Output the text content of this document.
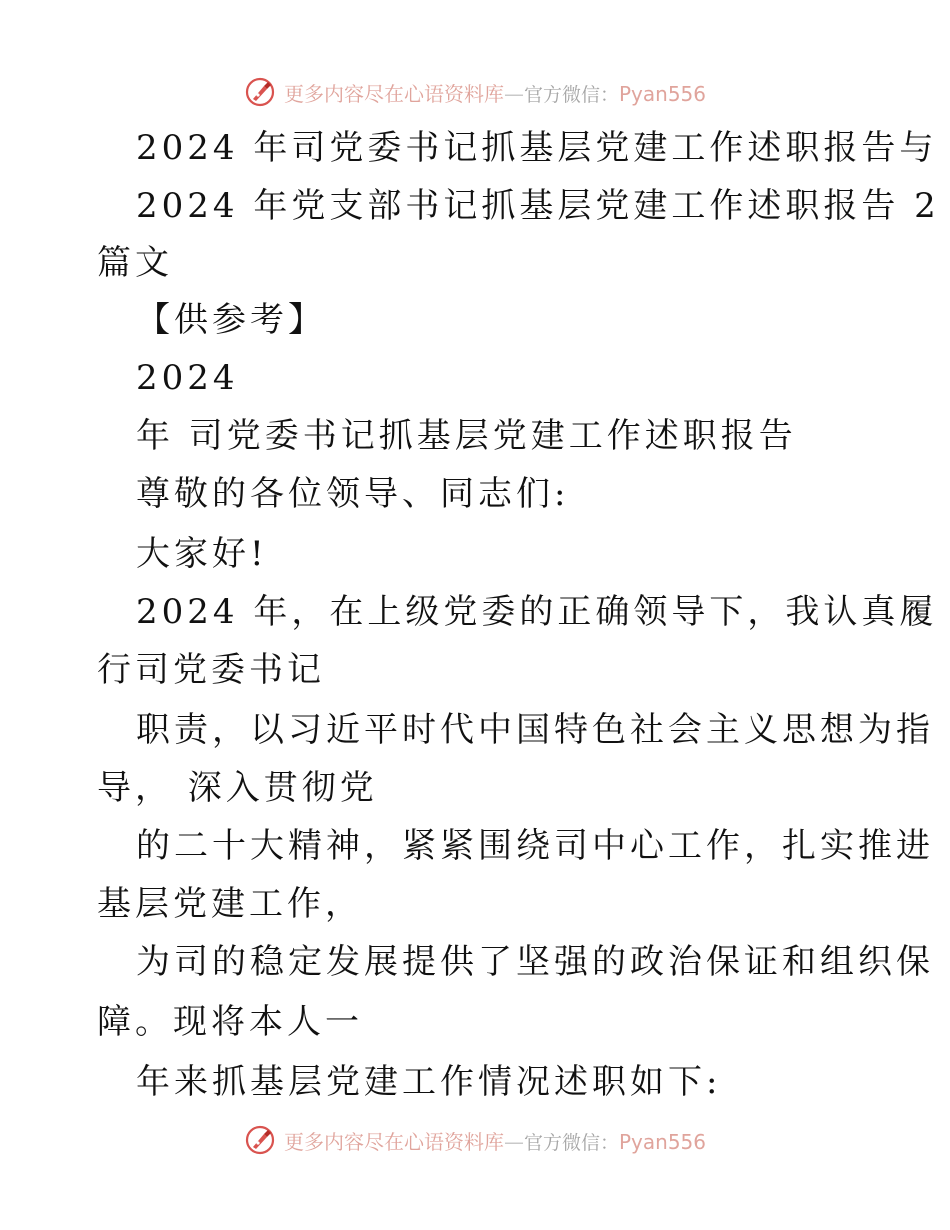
更多内容尽在心语资料库—官方微信：Pyan556
2024 年司党委书记抓基层党建工作述职报告与
2024 年党支部书记抓基层党建工作述职报告 2
篇文
【供参考】
2024
年 司党委书记抓基层党建工作述职报告
尊敬的各位领导、同志们:
大家好!
2024 年，在上级党委的正确领导下，我认真履
行司党委书记
职责，以习近平时代中国特色社会主义思想为指
导， 深入贯彻党
的二十大精神，紧紧围绕司中心工作，扎实推进
基层党建工作，
为司的稳定发展提供了坚强的政治保证和组织保
障。现将本人一
年来抓基层党建工作情况述职如下:
更多内容尽在心语资料库—官方微信：Pyan556
